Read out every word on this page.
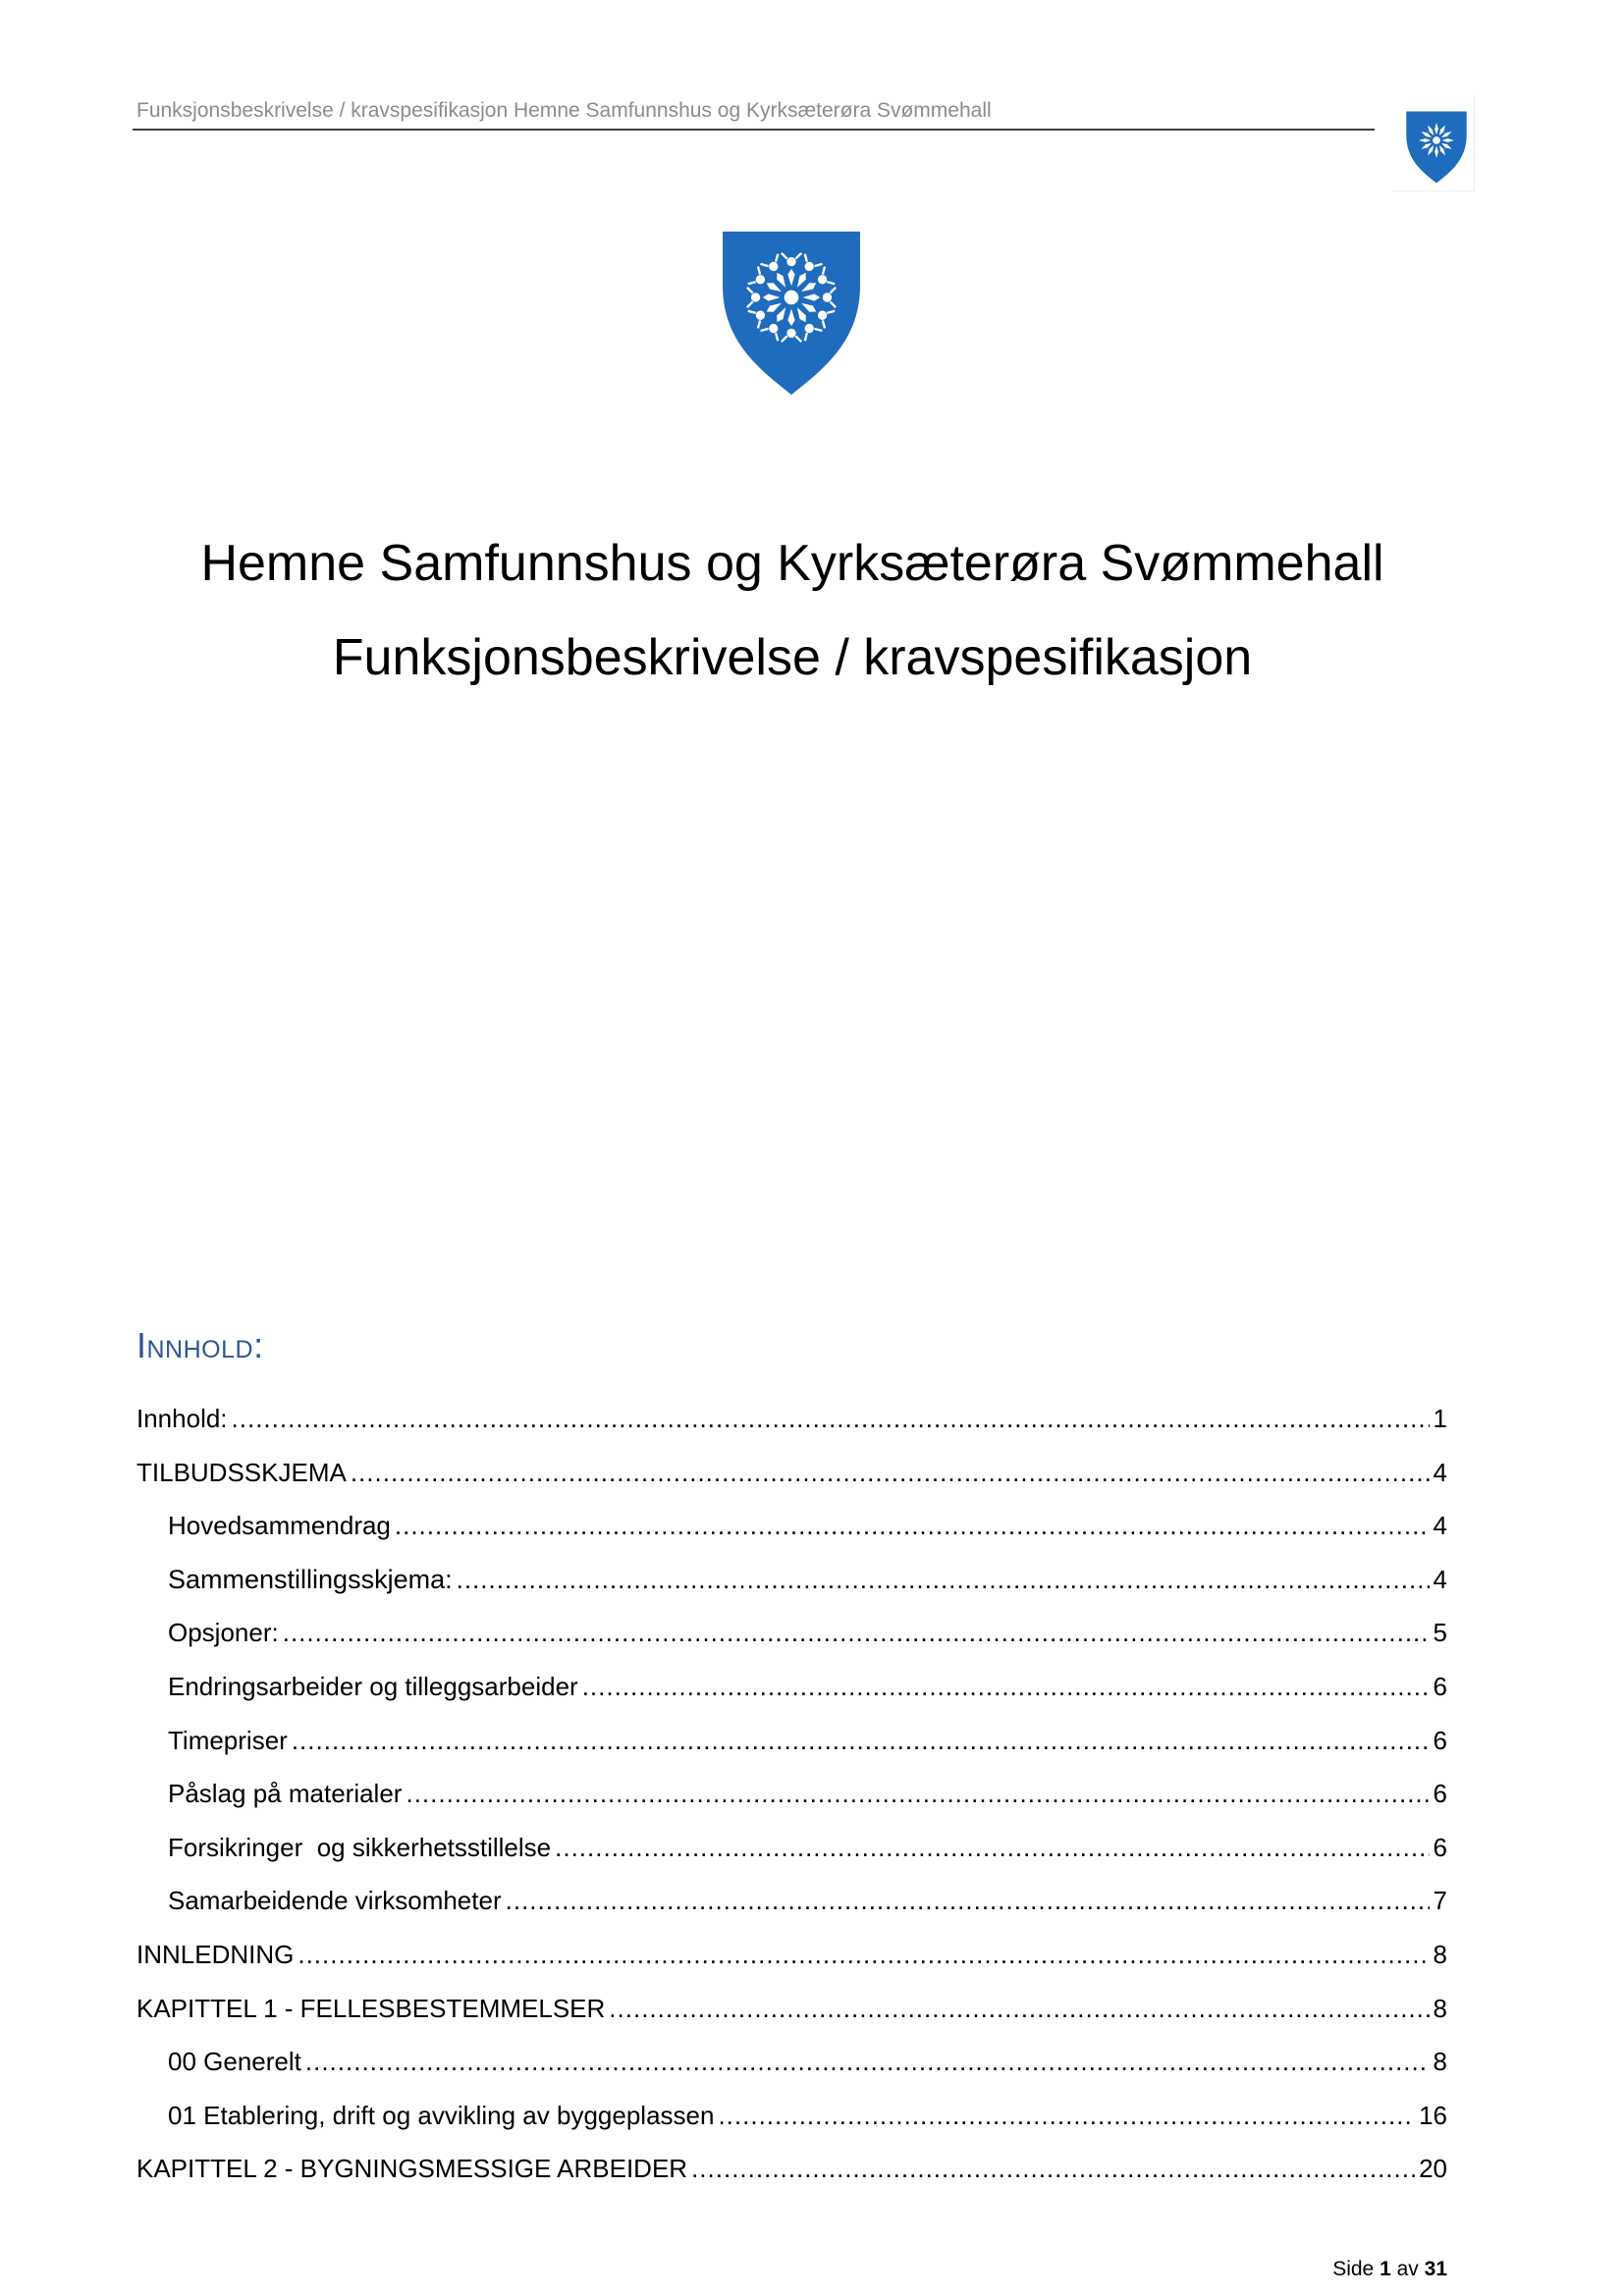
Funksjonsbeskrivelse / kravspesifikasjon Hemne Samfunnshus og Kyrksæterøra Svømmehall
Hemne Samfunnshus og Kyrksæterøra Svømmehall
Funksjonsbeskrivelse / kravspesifikasjon
Innhold:
Innhold: .....	1
TILBUDSSKJEMA .....	4
Hovedsammendrag .....	4
Sammenstillingsskjema: .....	4
Opsjoner: .....	5
Endringsarbeider og tilleggsarbeider .....	6
Timepriser .....	6
Påslag på materialer .....	6
Forsikringer  og sikkerhetsstillelse .....	6
Samarbeidende virksomheter .....	7
INNLEDNING .....	8
KAPITTEL 1 - FELLESBESTEMMELSER .....	8
00 Generelt .....	8
01 Etablering, drift og avvikling av byggeplassen .....	16
KAPITTEL 2 - BYGNINGSMESSIGE ARBEIDER .....	20
Side 1 av 31
